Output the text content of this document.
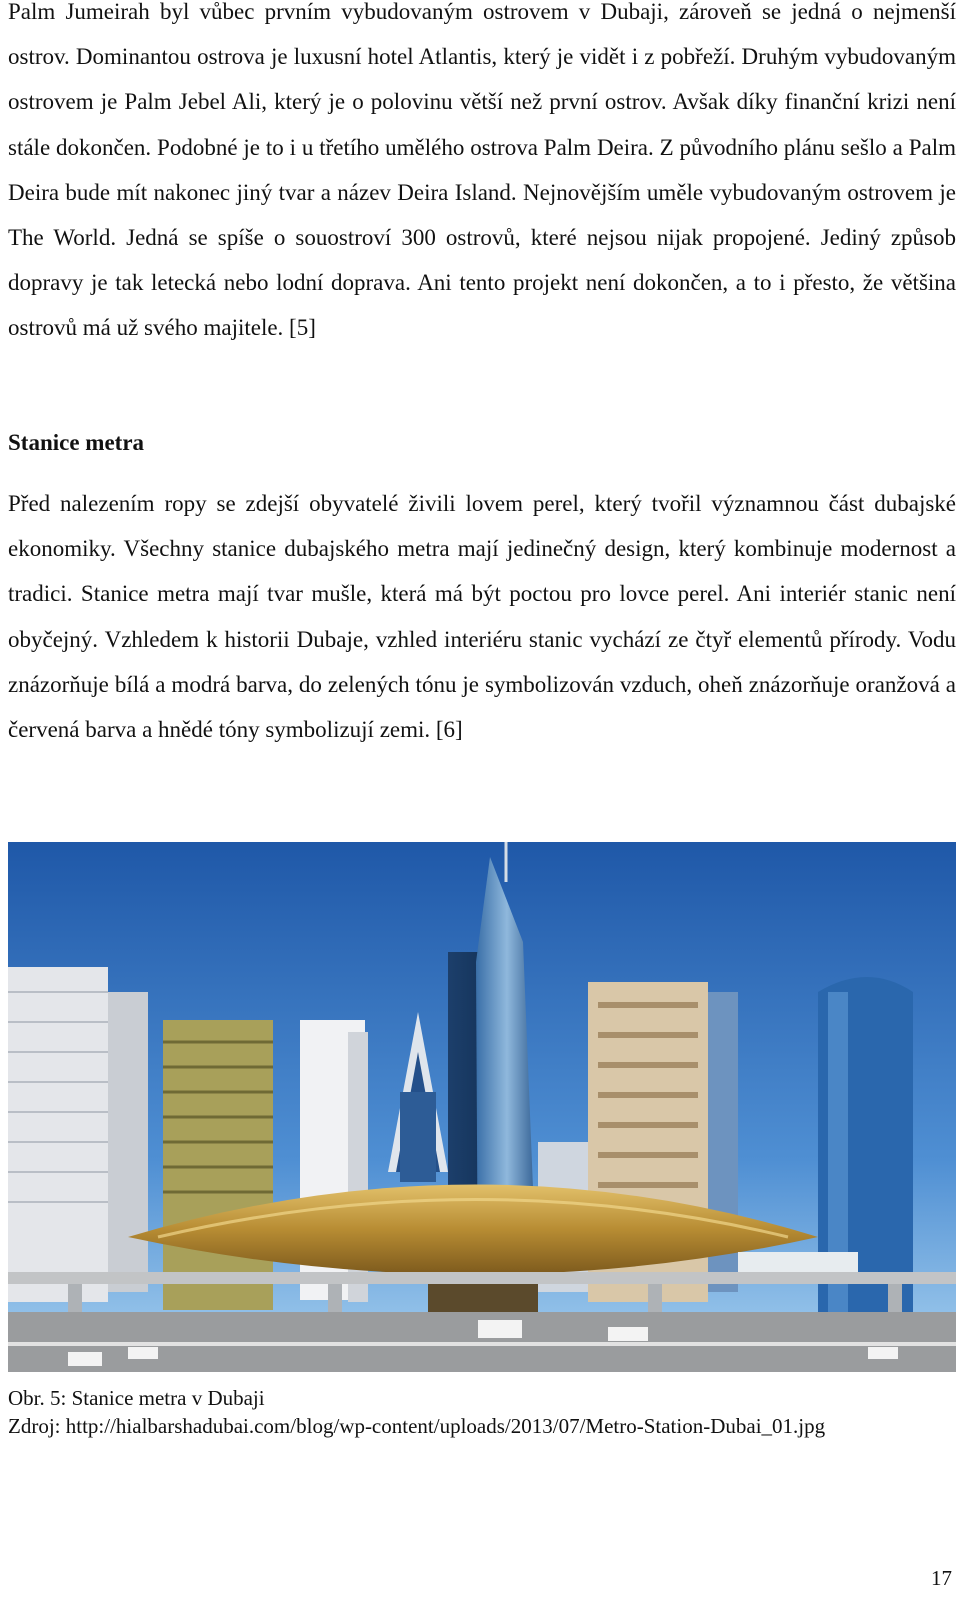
Palm Jumeirah byl vůbec prvním vybudovaným ostrovem v Dubaji, zároveň se jedná o nejmenší ostrov. Dominantou ostrova je luxusní hotel Atlantis, který je vidět i z pobřeží. Druhým vybudovaným ostrovem je Palm Jebel Ali, který je o polovinu větší než první ostrov. Avšak díky finanční krizi není stále dokončen. Podobné je to i u třetího umělého ostrova Palm Deira. Z původního plánu sešlo a Palm Deira bude mít nakonec jiný tvar a název Deira Island. Nejnovějším uměle vybudovaným ostrovem je The World. Jedná se spíše o souostroví 300 ostrovů, které nejsou nijak propojené. Jediný způsob dopravy je tak letecká nebo lodní doprava. Ani tento projekt není dokončen, a to i přesto, že většina ostrovů má už svého majitele. [5]

Stanice metra

Před nalezením ropy se zdejší obyvatelé živili lovem perel, který tvořil významnou část dubajské ekonomiky. Všechny stanice dubajského metra mají jedinečný design, který kombinuje modernost a tradici. Stanice metra mají tvar mušle, která má být poctou pro lovce perel. Ani interiér stanic není obyčejný. Vzhledem k historii Dubaje, vzhled interiéru stanic vychází ze čtyř elementů přírody. Vodu znázorňuje bílá a modrá barva, do zelených tónu je symbolizován vzduch, oheň znázorňuje oranžová a červená barva a hnědé tóny symbolizují zemi. [6]

Obr. 5: Stanice metra v Dubaji
Zdroj: http://hialbarshadubai.com/blog/wp-content/uploads/2013/07/Metro-Station-Dubai_01.jpg

17
